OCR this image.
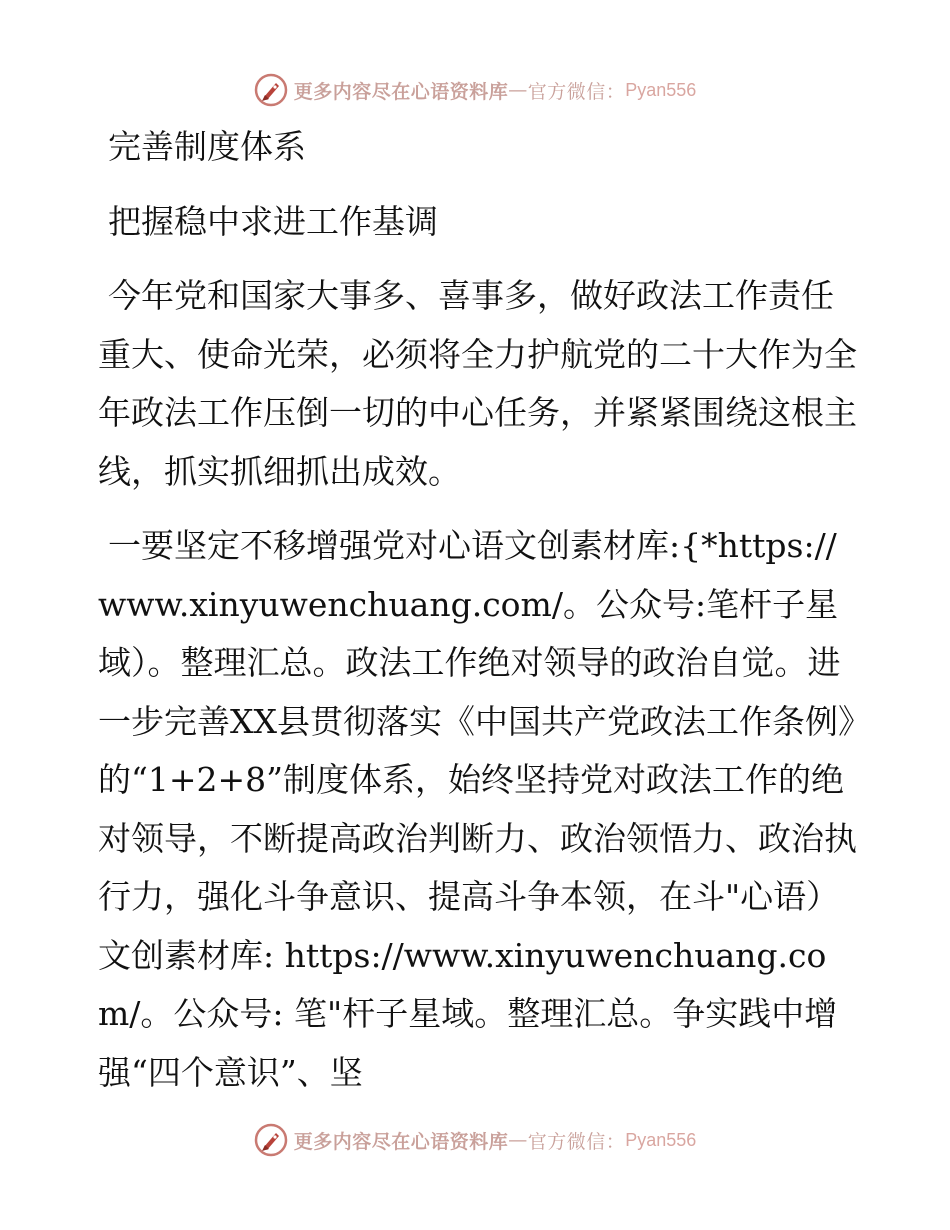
更多内容尽在心语资料库 — 官方微信： Pyan556

完善制度体系

把握稳中求进工作基调

今年党和国家大事多、喜事多，做好政法工作责任重大、使命光荣，必须将全力护航党的二十大作为全年政法工作压倒一切的中心任务，并紧紧围绕这根主线，抓实抓细抓出成效。

一要坚定不移增强党对心语文创素材库:{*https://www.xinyuwenchuang.com/。公众号:笔杆子星域）。整理汇总。政法工作绝对领导的政治自觉。进一步完善XX县贯彻落实《中国共产党政法工作条例》的“1+2+8”制度体系，始终坚持党对政法工作的绝对领导，不断提高政治判断力、政治领悟力、政治执行力，强化斗争意识、提高斗争本领，在斗"心语）文创素材库: https://www.xinyuwenchuang.com/。公众号: 笔"杆子星域。整理汇总。争实践中增强“四个意识”、坚

更多内容尽在心语资料库 — 官方微信： Pyan556
